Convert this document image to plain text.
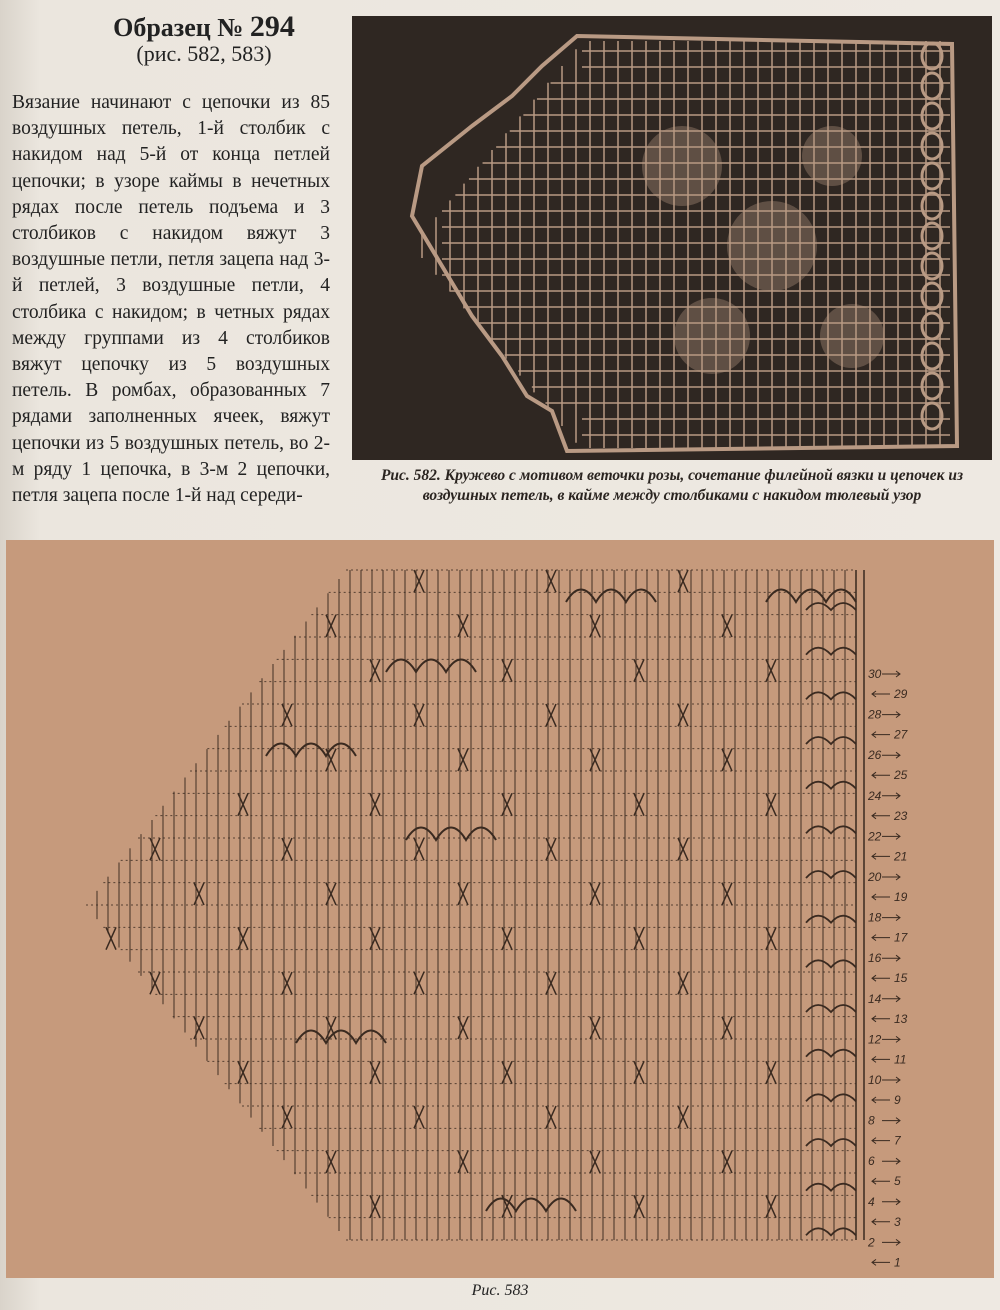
Образец № 294
(рис. 582, 583)

Вязание начинают с цепочки из 85 воздушных петель, 1-й столбик с накидом над 5-й от конца петлей цепочки; в узоре каймы в нечетных рядах после петель подъема и 3 столбиков с накидом вяжут 3 воздушные петли, петля зацепа над 3-й петлей, 3 воздушные петли, 4 столбика с накидом; в четных рядах между группами из 4 столбиков вяжут цепочку из 5 воздушных петель. В ромбах, образованных 7 рядами заполненных ячеек, вяжут цепочки из 5 воздушных петель, во 2-м ряду 1 цепочка, в 3-м 2 цепочки, петля зацепа после 1-й над середи-

Рис. 582. Кружево с мотивом веточки розы, сочетание филейной вязки и цепочек из воздушных петель, в кайме между столбиками с накидом тюлевый узор
30
28
26
24
22
20
18
16
14
12
10
8
6
4
2
29
27
25
23
21
19
17
15
13
11
9
7
5
3
1
Рис. 583
